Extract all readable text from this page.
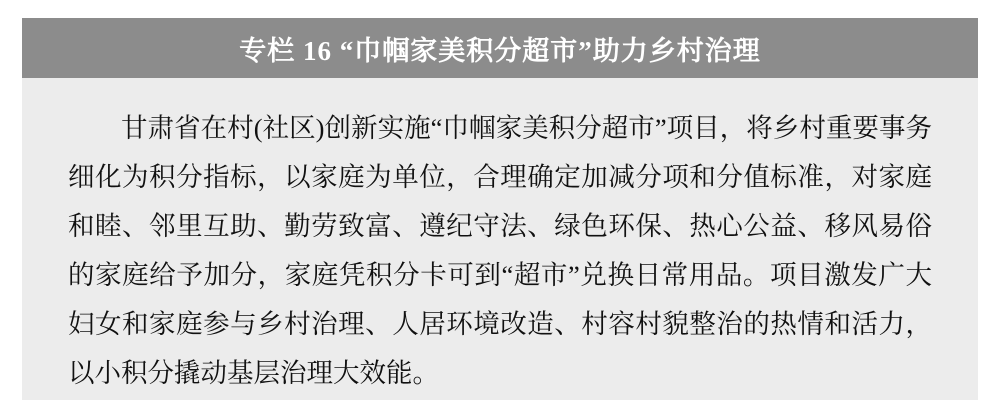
专栏 16 “巾帼家美积分超市”助力乡村治理

甘肃省在村(社区)创新实施“巾帼家美积分超市”项目，将乡村重要事务细化为积分指标，以家庭为单位，合理确定加减分项和分值标准，对家庭和睦、邻里互助、勤劳致富、遵纪守法、绿色环保、热心公益、移风易俗的家庭给予加分，家庭凭积分卡可到“超市”兑换日常用品。项目激发广大妇女和家庭参与乡村治理、人居环境改造、村容村貌整治的热情和活力，以小积分撬动基层治理大效能。
